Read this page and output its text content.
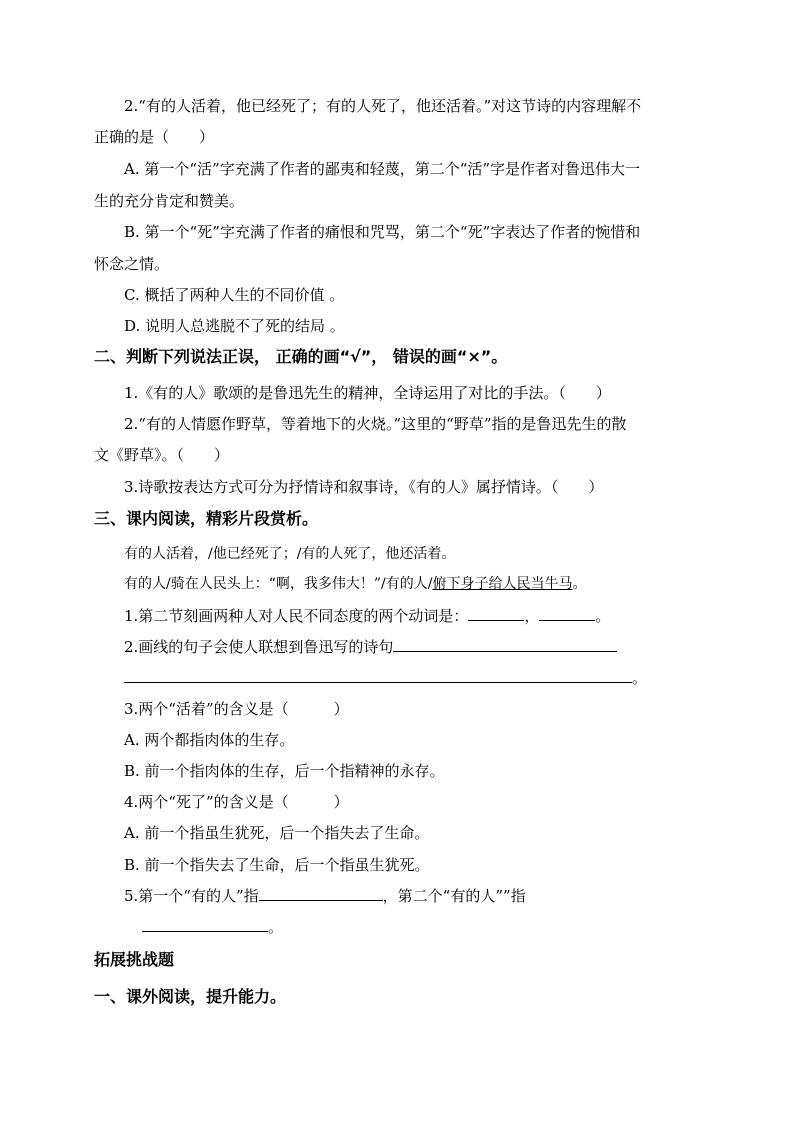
2.“有的人活着，他已经死了；有的人死了，他还活着。”对这节诗的内容理解不
正确的是（　　）
A. 第一个“活”字充满了作者的鄙夷和轻蔑，第二个“活”字是作者对鲁迅伟大一
生的充分肯定和赞美。
B. 第一个“死”字充满了作者的痛恨和咒骂，第二个“死”字表达了作者的惋惜和
怀念之情。
C. 概括了两种人生的不同价值 。
D. 说明人总逃脱不了死的结局 。
二、判断下列说法正误， 正确的画“√”， 错误的画“×”。
1.《有的人》歌颂的是鲁迅先生的精神，全诗运用了对比的手法。（　　）
2.“有的人情愿作野草，等着地下的火烧。”这里的“野草”指的是鲁迅先生的散
文《野草》。（　　）
3.诗歌按表达方式可分为抒情诗和叙事诗，《有的人》属抒情诗。（　　）
三、课内阅读，精彩片段赏析。
有的人活着，/他已经死了；/有的人死了，他还活着。
有的人/骑在人民头上：“啊，我多伟大！”/有的人/俯下身子给人民当牛马。
1.第二节刻画两种人对人民不同态度的两个动词是：	，	。
2.画线的句子会使人联想到鲁迅写的诗句
。
3.两个“活着”的含义是（　　　）
A. 两个都指肉体的生存。
B. 前一个指肉体的生存，后一个指精神的永存。
4.两个“死了”的含义是（　　　）
A. 前一个指虽生犹死，后一个指失去了生命。
B. 前一个指失去了生命，后一个指虽生犹死。
5.第一个“有的人”指	，第二个“有的人””指
。
拓展挑战题
一、课外阅读，提升能力。
